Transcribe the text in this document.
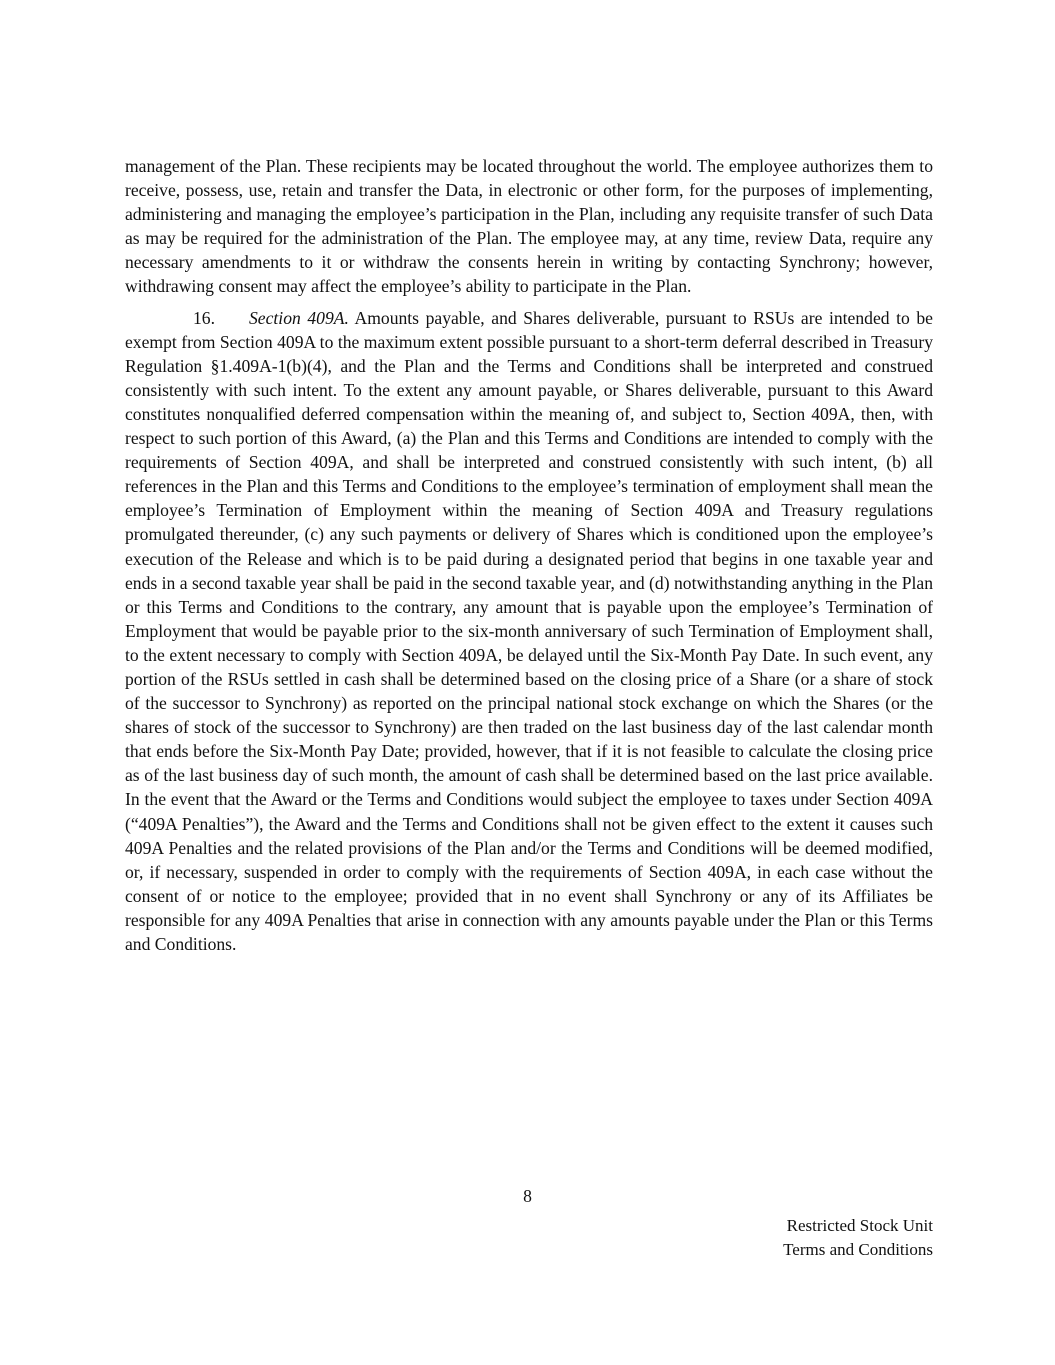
management of the Plan. These recipients may be located throughout the world. The employee authorizes them to receive, possess, use, retain and transfer the Data, in electronic or other form, for the purposes of implementing, administering and managing the employee’s participation in the Plan, including any requisite transfer of such Data as may be required for the administration of the Plan. The employee may, at any time, review Data, require any necessary amendments to it or withdraw the consents herein in writing by contacting Synchrony; however, withdrawing consent may affect the employee’s ability to participate in the Plan.

16. Section 409A. Amounts payable, and Shares deliverable, pursuant to RSUs are intended to be exempt from Section 409A to the maximum extent possible pursuant to a short-term deferral described in Treasury Regulation §1.409A-1(b)(4), and the Plan and the Terms and Conditions shall be interpreted and construed consistently with such intent. To the extent any amount payable, or Shares deliverable, pursuant to this Award constitutes nonqualified deferred compensation within the meaning of, and subject to, Section 409A, then, with respect to such portion of this Award, (a) the Plan and this Terms and Conditions are intended to comply with the requirements of Section 409A, and shall be interpreted and construed consistently with such intent, (b) all references in the Plan and this Terms and Conditions to the employee’s termination of employment shall mean the employee’s Termination of Employment within the meaning of Section 409A and Treasury regulations promulgated thereunder, (c) any such payments or delivery of Shares which is conditioned upon the employee’s execution of the Release and which is to be paid during a designated period that begins in one taxable year and ends in a second taxable year shall be paid in the second taxable year, and (d) notwithstanding anything in the Plan or this Terms and Conditions to the contrary, any amount that is payable upon the employee’s Termination of Employment that would be payable prior to the six-month anniversary of such Termination of Employment shall, to the extent necessary to comply with Section 409A, be delayed until the Six-Month Pay Date. In such event, any portion of the RSUs settled in cash shall be determined based on the closing price of a Share (or a share of stock of the successor to Synchrony) as reported on the principal national stock exchange on which the Shares (or the shares of stock of the successor to Synchrony) are then traded on the last business day of the last calendar month that ends before the Six-Month Pay Date; provided, however, that if it is not feasible to calculate the closing price as of the last business day of such month, the amount of cash shall be determined based on the last price available. In the event that the Award or the Terms and Conditions would subject the employee to taxes under Section 409A (“409A Penalties”), the Award and the Terms and Conditions shall not be given effect to the extent it causes such 409A Penalties and the related provisions of the Plan and/or the Terms and Conditions will be deemed modified, or, if necessary, suspended in order to comply with the requirements of Section 409A, in each case without the consent of or notice to the employee; provided that in no event shall Synchrony or any of its Affiliates be responsible for any 409A Penalties that arise in connection with any amounts payable under the Plan or this Terms and Conditions.

8
Restricted Stock Unit
Terms and Conditions
